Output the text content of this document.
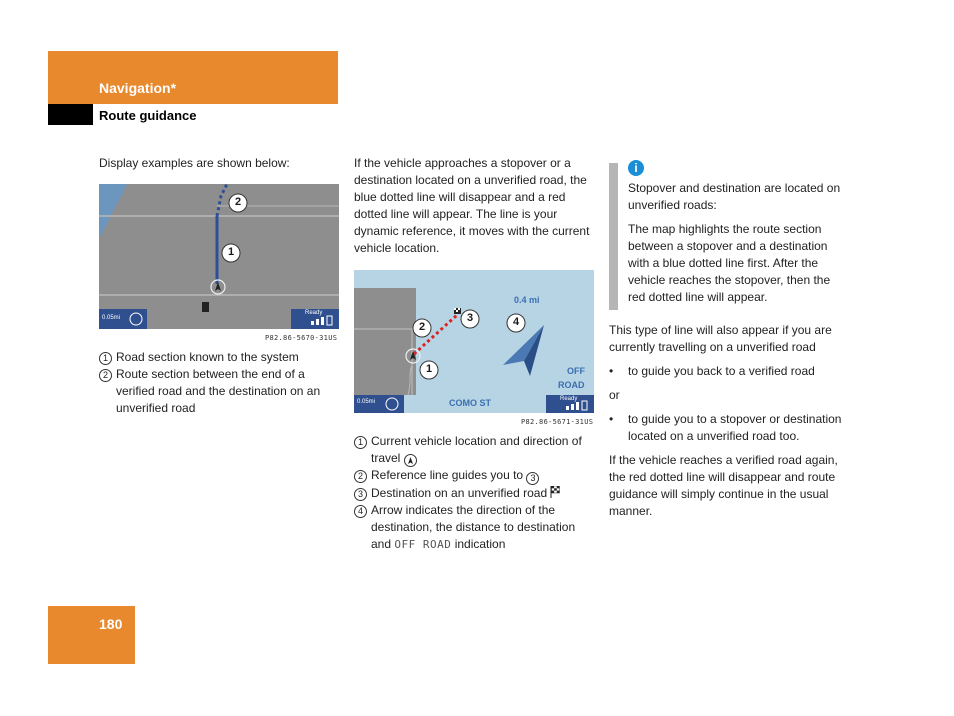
Navigation*
Route guidance
Display examples are shown below:
2
1
0.05mi
Ready
P82.86-5670-31US
1 Road section known to the system
2 Route section between the end of a verified road and the destination on an unverified road
If the vehicle approaches a stopover or a destination located on a unverified road, the blue dotted line will disappear and a red dotted line will appear. The line is your dynamic reference, it moves with the current vehicle location.
2
3	4
1
0.4 mi
OFF
ROAD
0.05mi	COMO ST	Ready
P82.86-5671-31US
1 Current vehicle location and direction of travel
2 Reference line guides you to 3
3 Destination on an unverified road
4 Arrow indicates the direction of the destination, the distance to destination and OFF ROAD indication
i

Stopover and destination are located on unverified roads:

The map highlights the route section between a stopover and a destination with a blue dotted line first. After the vehicle reaches the stopover, then the red dotted line will appear.

This type of line will also appear if you are currently travelling on a unverified road

•	to guide you back to a verified road

or

•	to guide you to a stopover or destination located on a unverified road too.

If the vehicle reaches a verified road again, the red dotted line will disappear and route guidance will simply continue in the usual manner.

180
